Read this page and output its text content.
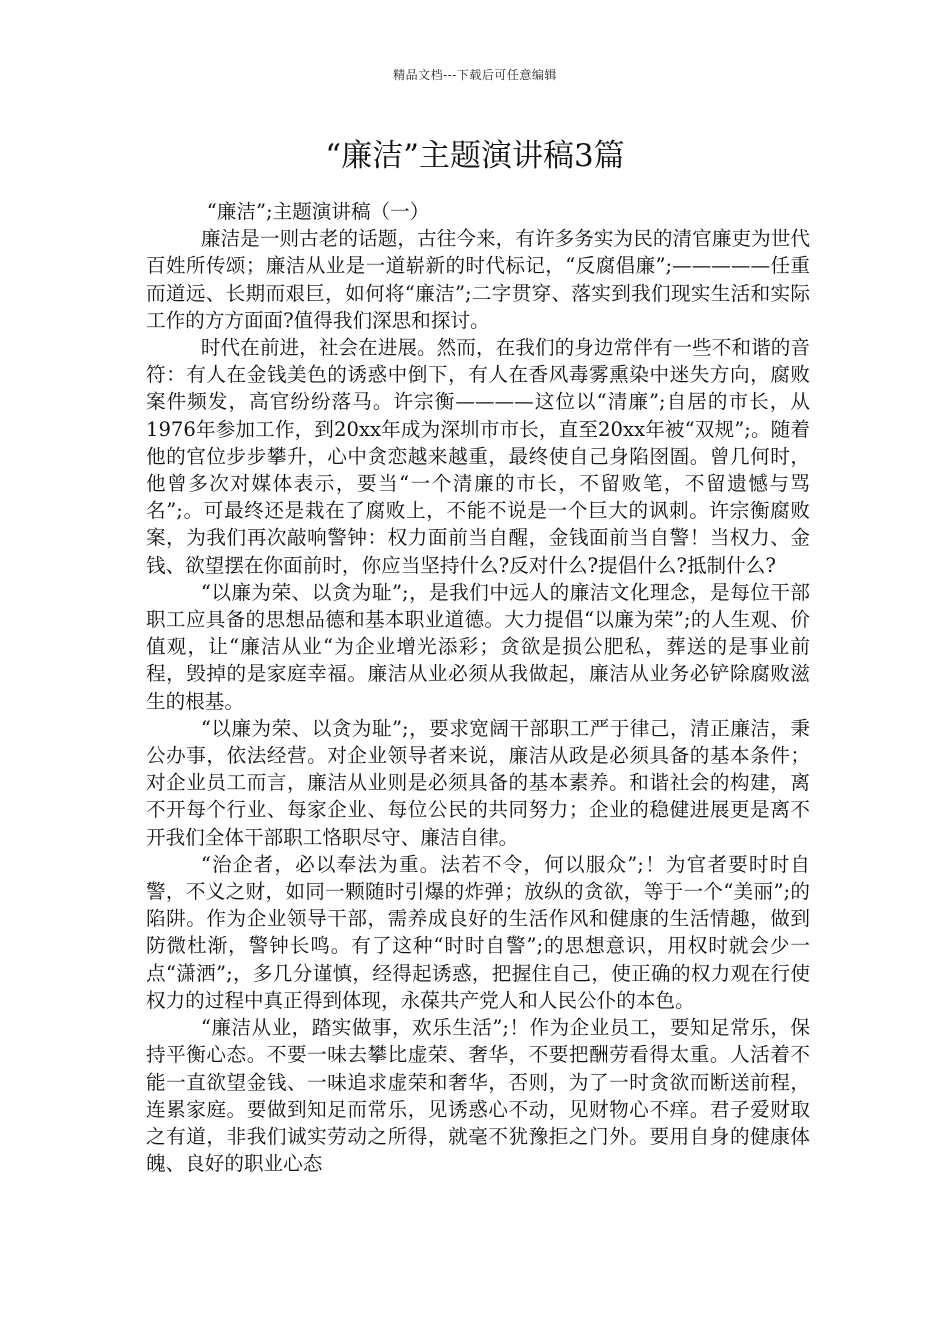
精品文档---下载后可任意编辑
“廉洁”主题演讲稿3篇

“廉洁”;主题演讲稿（一）

廉洁是一则古老的话题，古往今来，有许多务实为民的清官廉吏为世代百姓所传颂；廉洁从业是一道崭新的时代标记，“反腐倡廉”;—————任重而道远、长期而艰巨，如何将“廉洁”;二字贯穿、落实到我们现实生活和实际工作的方方面面?值得我们深思和探讨。

时代在前进，社会在进展。然而，在我们的身边常伴有一些不和谐的音符：有人在金钱美色的诱惑中倒下，有人在香风毒雾熏染中迷失方向，腐败案件频发，高官纷纷落马。许宗衡————这位以“清廉”;自居的市长，从1976年参加工作，到20xx年成为深圳市市长，直至20xx年被“双规”;。随着他的官位步步攀升，心中贪恋越来越重，最终使自己身陷囹圄。曾几何时，他曾多次对媒体表示，要当“一个清廉的市长，不留败笔，不留遗憾与骂名”;。可最终还是栽在了腐败上，不能不说是一个巨大的讽刺。许宗衡腐败案，为我们再次敲响警钟：权力面前当自醒，金钱面前当自警！当权力、金钱、欲望摆在你面前时，你应当坚持什么?反对什么?提倡什么?抵制什么?

“以廉为荣、以贪为耻”;，是我们中远人的廉洁文化理念，是每位干部职工应具备的思想品德和基本职业道德。大力提倡“以廉为荣”;的人生观、价值观，让“廉洁从业“为企业增光添彩；贪欲是损公肥私，葬送的是事业前程，毁掉的是家庭幸福。廉洁从业必须从我做起，廉洁从业务必铲除腐败滋生的根基。

“以廉为荣、以贪为耻”;，要求宽阔干部职工严于律己，清正廉洁，秉公办事，依法经营。对企业领导者来说，廉洁从政是必须具备的基本条件；对企业员工而言，廉洁从业则是必须具备的基本素养。和谐社会的构建，离不开每个行业、每家企业、每位公民的共同努力；企业的稳健进展更是离不开我们全体干部职工恪职尽守、廉洁自律。

“治企者，必以奉法为重。法若不令，何以服众”;！为官者要时时自警，不义之财，如同一颗随时引爆的炸弹；放纵的贪欲，等于一个“美丽”;的陷阱。作为企业领导干部，需养成良好的生活作风和健康的生活情趣，做到防微杜渐，警钟长鸣。有了这种“时时自警”;的思想意识，用权时就会少一点“潇洒”;，多几分谨慎，经得起诱惑，把握住自己，使正确的权力观在行使权力的过程中真正得到体现，永葆共产党人和人民公仆的本色。

“廉洁从业，踏实做事，欢乐生活”;！作为企业员工，要知足常乐，保持平衡心态。不要一味去攀比虚荣、奢华，不要把酬劳看得太重。人活着不能一直欲望金钱、一味追求虚荣和奢华，否则，为了一时贪欲而断送前程，连累家庭。要做到知足而常乐，见诱惑心不动，见财物心不痒。君子爱财取之有道，非我们诚实劳动之所得，就毫不犹豫拒之门外。要用自身的健康体魄、良好的职业心态
